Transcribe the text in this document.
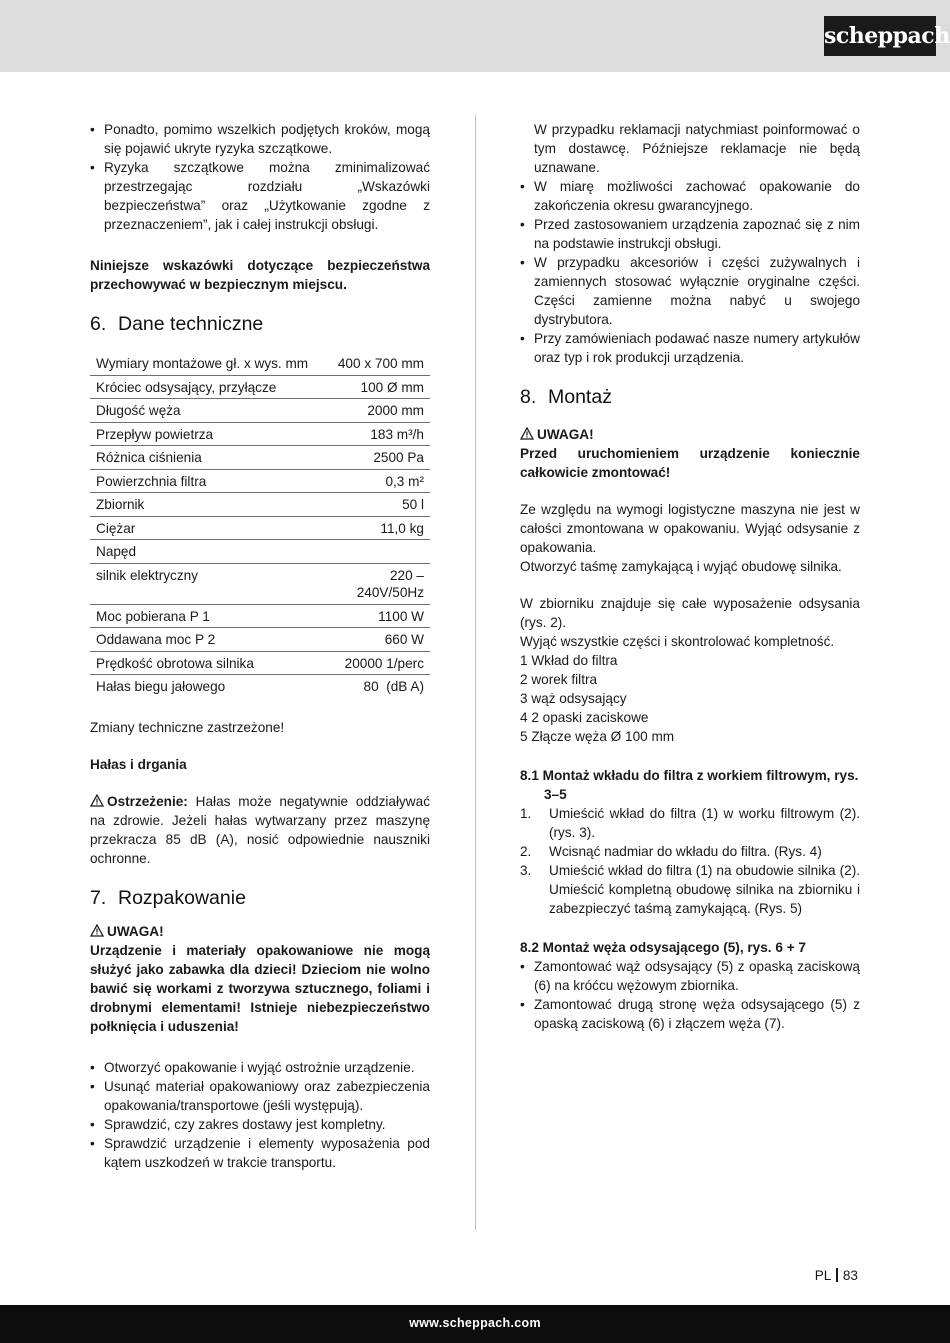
scheppach
• Ponadto, pomimo wszelkich podjętych kroków, mogą się pojawić ukryte ryzyka szczątkowe.
• Ryzyka szczątkowe można zminimalizować przestrzegając rozdziału „Wskazówki bezpieczeństwa” oraz „Użytkowanie zgodne z przeznaczeniem”, jak i całej instrukcji obsługi.

Niniejsze wskazówki dotyczące bezpieczeństwa przechowywać w bezpiecznym miejscu.

6. Dane techniczne
Wymiary montażowe gł. x wys. mm	400 x 700 mm
Króciec odsysający, przyłącze	100 Ø mm
Długość węża	2000 mm
Przepływ powietrza	183 m³/h
Różnica ciśnienia	2500 Pa
Powierzchnia filtra	0,3 m²
Zbiornik	50 l
Ciężar	11,0 kg
Napęd	
silnik elektryczny	220 – 240V/50Hz
Moc pobierana P 1	1100 W
Oddawana moc P 2	660 W
Prędkość obrotowa silnika	20000 1/perc
Hałas biegu jałowego	80  (dB A)

Zmiany techniczne zastrzeżone!

Hałas i drgania

Ostrzeżenie: Hałas może negatywnie oddziaływać na zdrowie. Jeżeli hałas wytwarzany przez maszynę przekracza 85 dB (A), nosić odpowiednie nauszniki ochronne.

7. Rozpakowanie

UWAGA!

Urządzenie i materiały opakowaniowe nie mogą służyć jako zabawka dla dzieci! Dzieciom nie wolno bawić się workami z tworzywa sztucznego, foliami i drobnymi elementami! Istnieje niebezpieczeństwo połknięcia i uduszenia!

• Otworzyć opakowanie i wyjąć ostrożnie urządzenie.
• Usunąć materiał opakowaniowy oraz zabezpieczenia opakowania/transportowe (jeśli występują).
• Sprawdzić, czy zakres dostawy jest kompletny.
• Sprawdzić urządzenie i elementy wyposażenia pod kątem uszkodzeń w trakcie transportu.

W przypadku reklamacji natychmiast poinformować o tym dostawcę. Późniejsze reklamacje nie będą uznawane.

• W miarę możliwości zachować opakowanie do zakończenia okresu gwarancyjnego.
• Przed zastosowaniem urządzenia zapoznać się z nim na podstawie instrukcji obsługi.
• W przypadku akcesoriów i części zużywalnych i zamiennych stosować wyłącznie oryginalne części. Części zamienne można nabyć u swojego dystrybutora.
• Przy zamówieniach podawać nasze numery artykułów oraz typ i rok produkcji urządzenia.
8. Montaż

UWAGA!

Przed uruchomieniem urządzenie koniecznie całkowicie zmontować!

Ze względu na wymogi logistyczne maszyna nie jest w całości zmontowana w opakowaniu. Wyjąć odsysanie z opakowania.

Otworzyć taśmę zamykającą i wyjąć obudowę silnika.

W zbiorniku znajduje się całe wyposażenie odsysania (rys. 2).

Wyjąć wszystkie części i skontrolować kompletność.

1 Wkład do filtra

2 worek filtra

3 wąż odsysający

4 2 opaski zaciskowe

5 Złącze węża Ø 100 mm

8.1 Montaż wkładu do filtra z workiem filtrowym, rys. 3–5

1. Umieścić wkład do filtra (1) w worku filtrowym (2). (rys. 3).
2. Wcisnąć nadmiar do wkładu do filtra. (Rys. 4)
3. Umieścić wkład do filtra (1) na obudowie silnika (2). Umieścić kompletną obudowę silnika na zbiorniku i zabezpieczyć taśmą zamykającą. (Rys. 5)

8.2 Montaż węża odsysającego (5), rys. 6 + 7

• Zamontować wąż odsysający (5) z opaską zaciskową (6) na króćcu wężowym zbiornika.
• Zamontować drugą stronę węża odsysającego (5) z opaską zaciskową (6) i złączem węża (7).
PL 83
www.scheppach.com
